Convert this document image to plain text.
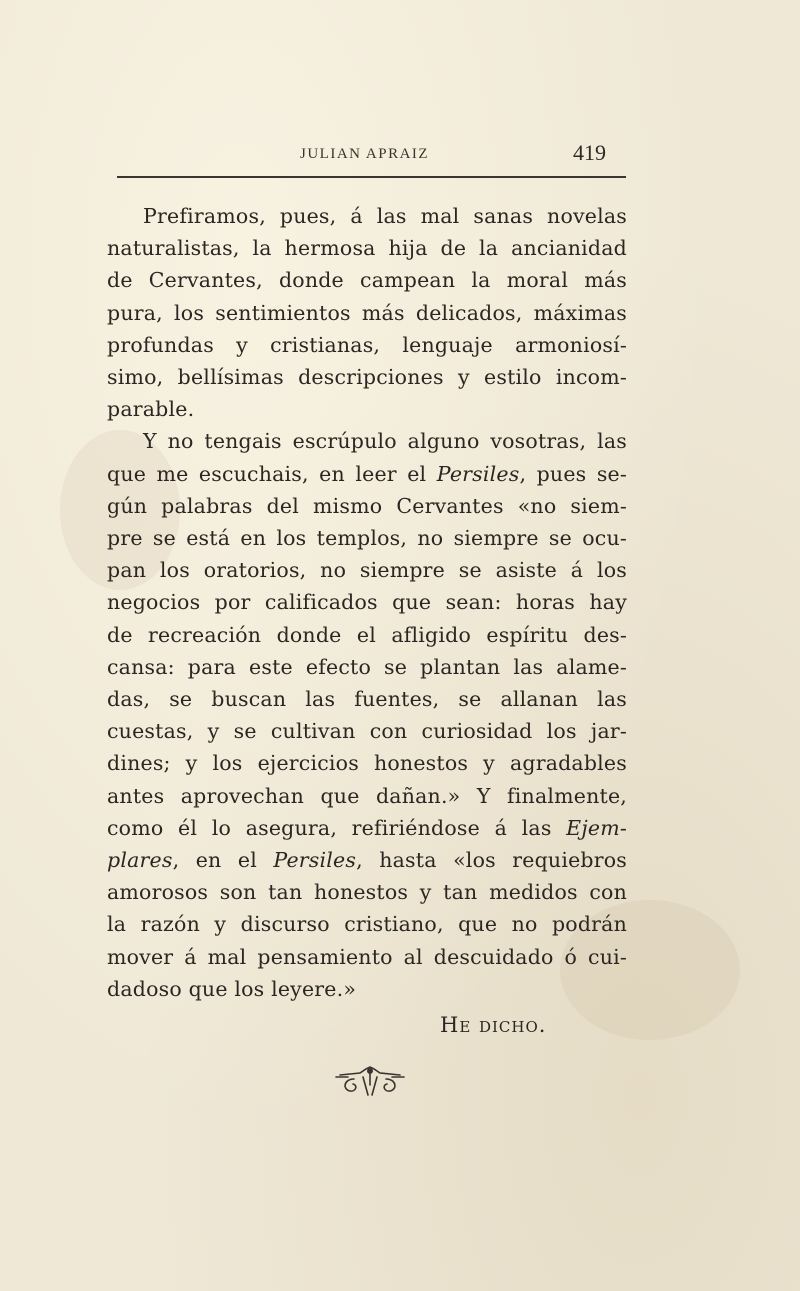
JULIAN APRAIZ	419

Prefiramos, pues, á las mal sanas novelas
naturalistas, la hermosa hija de la ancianidad
de Cervantes, donde campean la moral más
pura, los sentimientos más delicados, máximas
profundas y cristianas, lenguaje armoniosí-
simo, bellísimas descripciones y estilo incom-
parable.

Y no tengais escrúpulo alguno vosotras, las
que me escuchais, en leer el Persiles, pues se-
gún palabras del mismo Cervantes «no siem-
pre se está en los templos, no siempre se ocu-
pan los oratorios, no siempre se asiste á los
negocios por calificados que sean: horas hay
de recreación donde el afligido espíritu des-
cansa: para este efecto se plantan las alame-
das, se buscan las fuentes, se allanan las
cuestas, y se cultivan con curiosidad los jar-
dines; y los ejercicios honestos y agradables
antes aprovechan que dañan.» Y finalmente,
como él lo asegura, refiriéndose á las Ejem-
plares, en el Persiles, hasta «los requiebros
amorosos son tan honestos y tan medidos con
la razón y discurso cristiano, que no podrán
mover á mal pensamiento al descuidado ó cui-
dadoso que los leyere.»

He dicho.
